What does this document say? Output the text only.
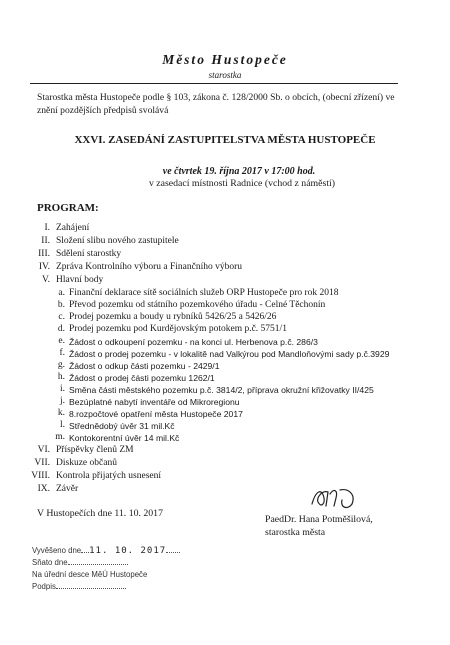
Město Hustopeče
starostka
Starostka města Hustopeče podle § 103, zákona č. 128/2000 Sb. o obcích, (obecní zřízení) ve znění pozdějších předpisů svolává
XXVI. ZASEDÁNÍ ZASTUPITELSTVA MĚSTA HUSTOPEČE
ve čtvrtek 19. října 2017 v 17:00 hod.
v zasedací místnosti Radnice (vchod z náměstí)
PROGRAM:
I. Zahájení
II. Složení slibu nového zastupitele
III. Sdělení starostky
IV. Zpráva Kontrolního výboru a Finančního výboru
V. Hlavní body
a. Finanční deklarace sítě sociálních služeb ORP Hustopeče pro rok 2018
b. Převod pozemku od státního pozemkového úřadu - Celné Těchonín
c. Prodej pozemku a boudy u rybníků 5426/25 a 5426/26
d. Prodej pozemku pod Kurdějovským potokem p.č. 5751/1
e. Žádost o odkoupení pozemku - na konci ul. Herbenova p.č. 286/3
f. Žádost o prodej pozemku - v lokalitě nad Valkýrou pod Mandloňovými sady p.č.3929
g. Žádost o odkup části pozemku - 2429/1
h. Žádost o prodej části pozemku 1262/1
i. Směna části městského pozemku p.č. 3814/2, příprava okružní křižovatky II/425
j. Bezúplatné nabytí inventáře od Mikroregionu
k. 8.rozpočtové opatření města Hustopeče 2017
l. Střednědobý úvěr 31 mil.Kč
m. Kontokorentní úvěr 14 mil.Kč
VI. Příspěvky členů ZM
VII. Diskuze občanů
VIII. Kontrola přijatých usnesení
IX. Závěr
V Hustopečích dne 11. 10. 2017
PaedDr. Hana Potměšilová,
starostka města
Vyvěšeno dne 11. 10. 2017
Sňato dne
Na úřední desce MěÚ Hustopeče
Podpis
